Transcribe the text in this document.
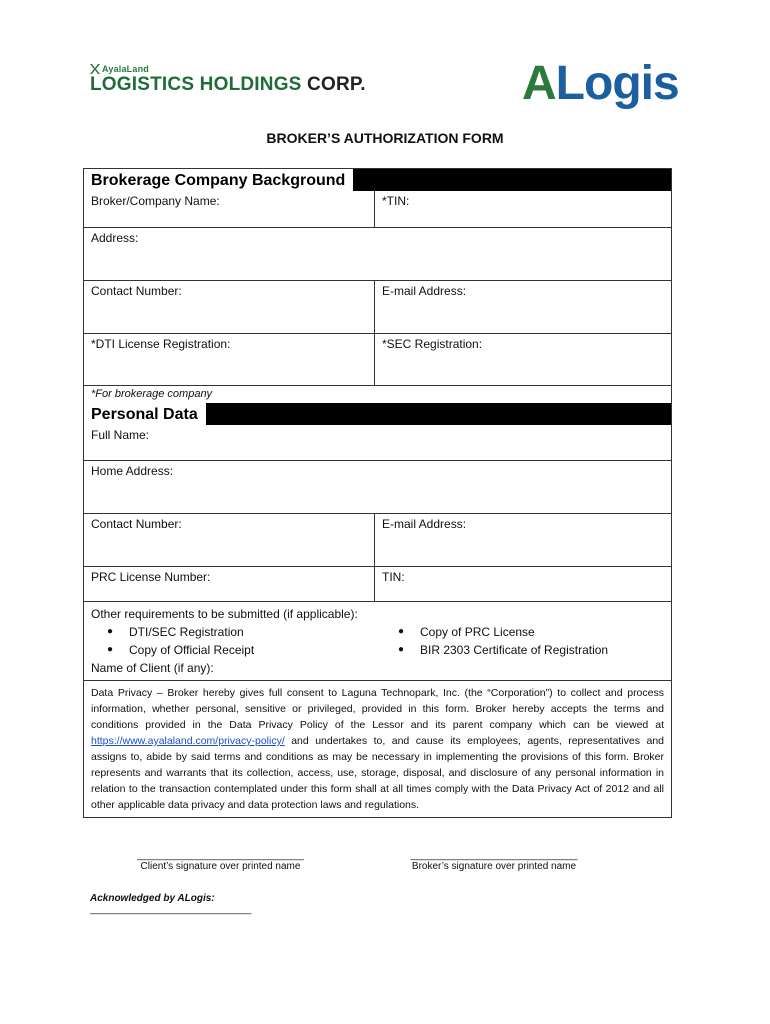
AyalaLand
LOGISTICS HOLDINGS CORP.	ALogis
BROKER’S AUTHORIZATION FORM
Brokerage Company Background
Broker/Company Name:	*TIN:
Address:
Contact Number:	E-mail Address:
*DTI License Registration:	*SEC Registration:
*For brokerage company
Personal Data
Full Name:
Home Address:
Contact Number:	E-mail Address:
PRC License Number:	TIN:
Other requirements to be submitted (if applicable):
●	DTI/SEC Registration
●	Copy of Official Receipt
●	Copy of PRC License
●	BIR 2303 Certificate of Registration
Name of Client (if any):
Data Privacy – Broker hereby gives full consent to Laguna Technopark, Inc. (the “Corporation”) to collect and process information, whether personal, sensitive or privileged, provided in this form. Broker hereby accepts the terms and conditions provided in the Data Privacy Policy of the Lessor and its parent company which can be viewed at https://www.ayalaland.com/privacy-policy/ and undertakes to, and cause its employees, agents, representatives and assigns to, abide by said terms and conditions as may be necessary in implementing the provisions of this form. Broker represents and warrants that its collection, access, use, storage, disposal, and disclosure of any personal information in relation to the transaction contemplated under this form shall at all times comply with the Data Privacy Act of 2012 and all other applicable data privacy and data protection laws and regulations.
______________________________
Client’s signature over printed name
______________________________
Broker’s signature over printed name
Acknowledged by ALogis:
_____________________________
